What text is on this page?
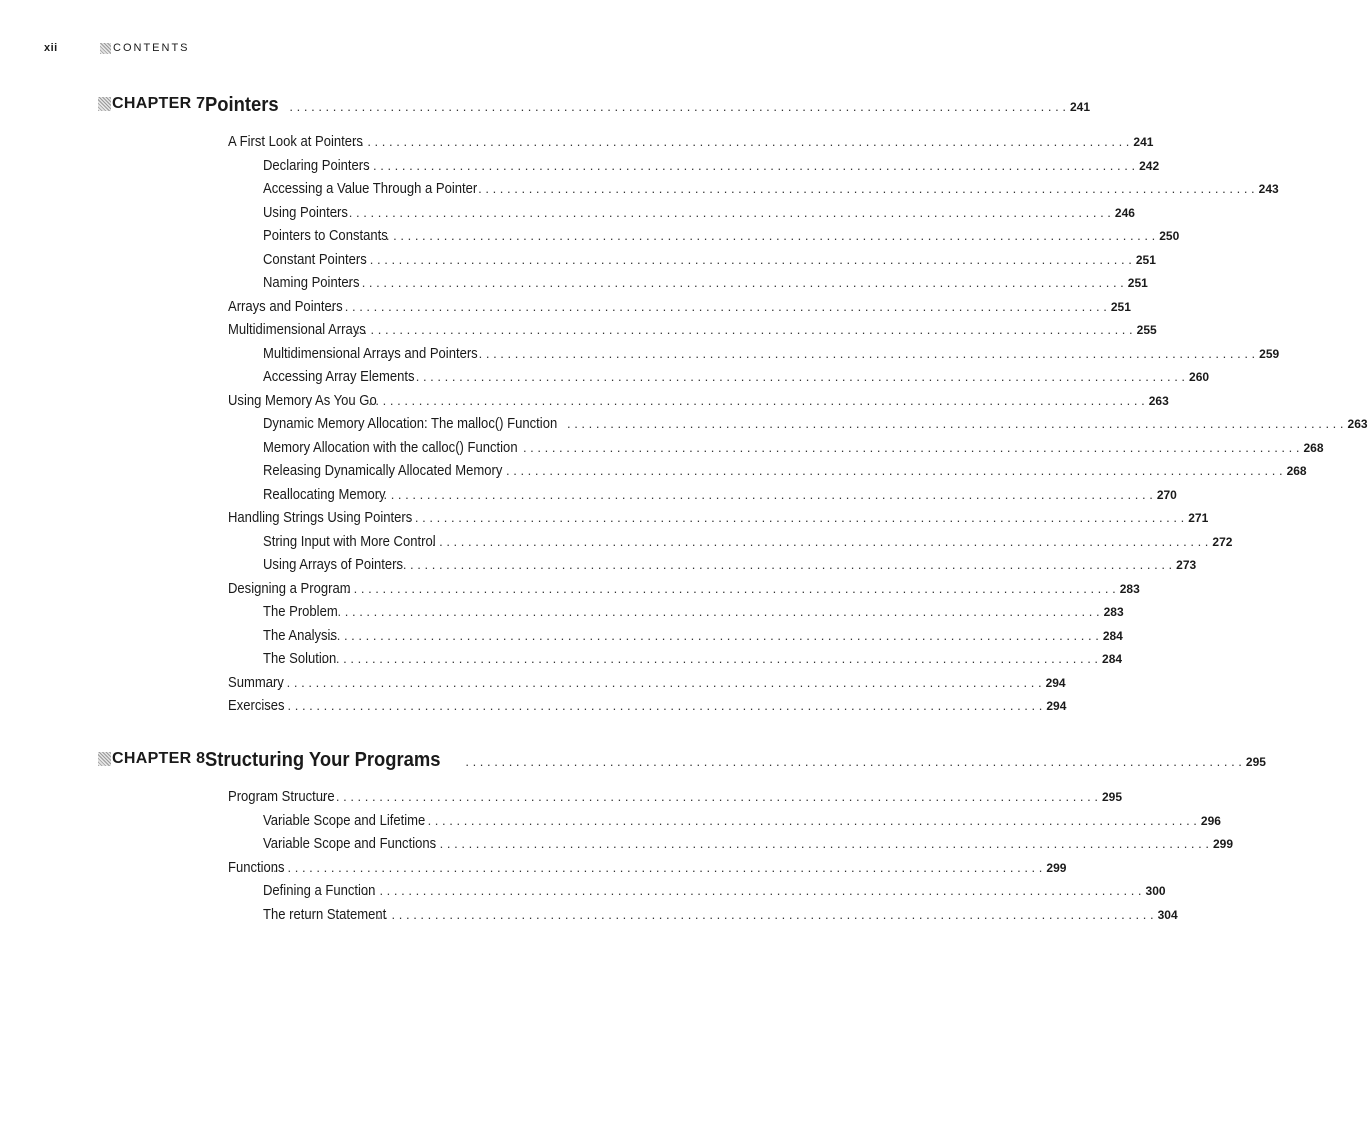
xii	CONTENTS
CHAPTER 7 Pointers . . .	241
A First Look at Pointers . . .	241
Declaring Pointers . . .	242
Accessing a Value Through a Pointer . . .	243
Using Pointers . . .	246
Pointers to Constants . . .	250
Constant Pointers . . .	251
Naming Pointers . . .	251
Arrays and Pointers . . .	251
Multidimensional Arrays . . .	255
Multidimensional Arrays and Pointers . . .	259
Accessing Array Elements . . .	260
Using Memory As You Go . . .	263
Dynamic Memory Allocation: The malloc() Function . . .	263
Memory Allocation with the calloc() Function . . .	268
Releasing Dynamically Allocated Memory . . .	268
Reallocating Memory . . .	270
Handling Strings Using Pointers . . .	271
String Input with More Control . . .	272
Using Arrays of Pointers . . .	273
Designing a Program . . .	283
The Problem . . .	283
The Analysis . . .	284
The Solution . . .	284
Summary . . .	294
Exercises . . .	294
CHAPTER 8 Structuring Your Programs . . .	295
Program Structure . . .	295
Variable Scope and Lifetime . . .	296
Variable Scope and Functions . . .	299
Functions . . .	299
Defining a Function . . .	300
The return Statement . . .	304
